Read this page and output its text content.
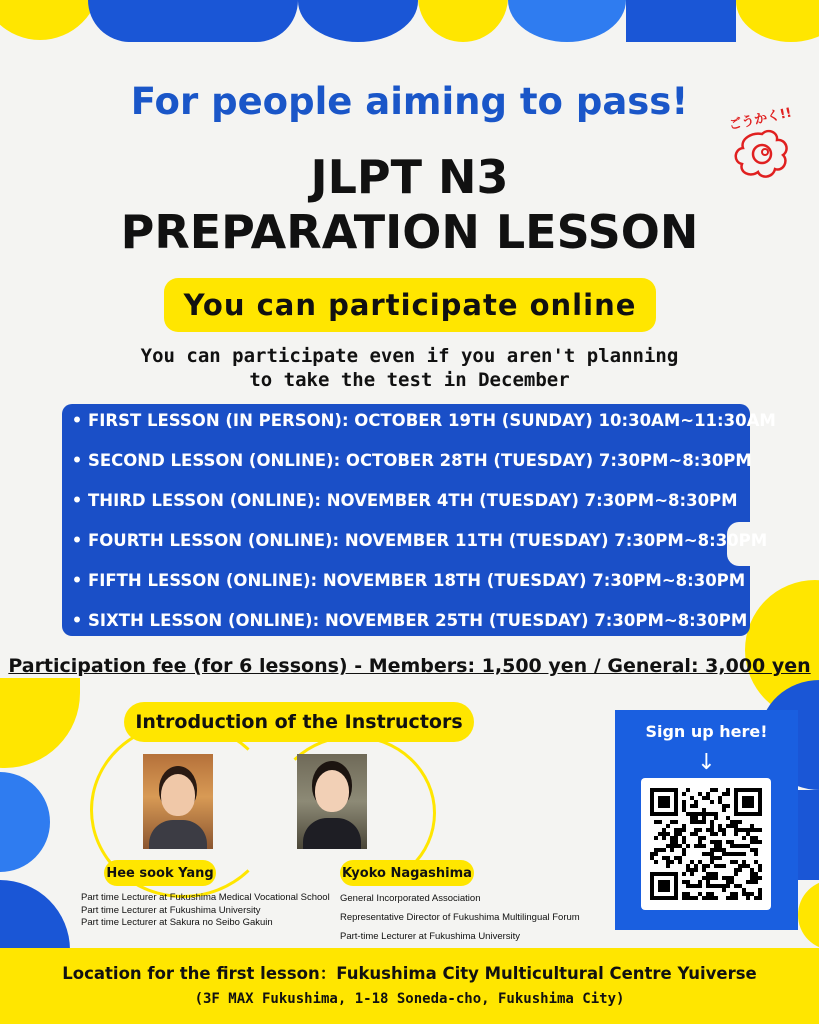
For people aiming to pass!	ごうかく!!
JLPT N3
PREPARATION LESSON
You can participate online

You can participate even if you aren't planning

to take the test in December

• FIRST LESSON (IN PERSON): OCTOBER 19TH (SUNDAY) 10:30AM~11:30AM
• SECOND LESSON (ONLINE): OCTOBER 28TH (TUESDAY) 7:30PM~8:30PM
• THIRD LESSON (ONLINE): NOVEMBER 4TH (TUESDAY) 7:30PM~8:30PM
• FOURTH LESSON (ONLINE): NOVEMBER 11TH (TUESDAY) 7:30PM~8:30PM
• FIFTH LESSON (ONLINE): NOVEMBER 18TH (TUESDAY) 7:30PM~8:30PM
• SIXTH LESSON (ONLINE): NOVEMBER 25TH (TUESDAY) 7:30PM~8:30PM

Participation fee (for 6 lessons) - Members: 1,500 yen / General: 3,000 yen

Introduction of the Instructors
Hee sook Yang	Kyoko Nagashima
Part time Lecturer at Fukushima Medical Vocational School
Part time Lecturer at Fukushima University
Part time Lecturer at Sakura no Seibo Gakuin
General Incorporated Association
Representative Director of Fukushima Multilingual Forum
Part-time Lecturer at Fukushima University
Sign up here!
↓
Location for the first lesson：Fukushima City Multicultural Centre Yuiverse
(3F MAX Fukushima, 1-18 Soneda-cho, Fukushima City)
